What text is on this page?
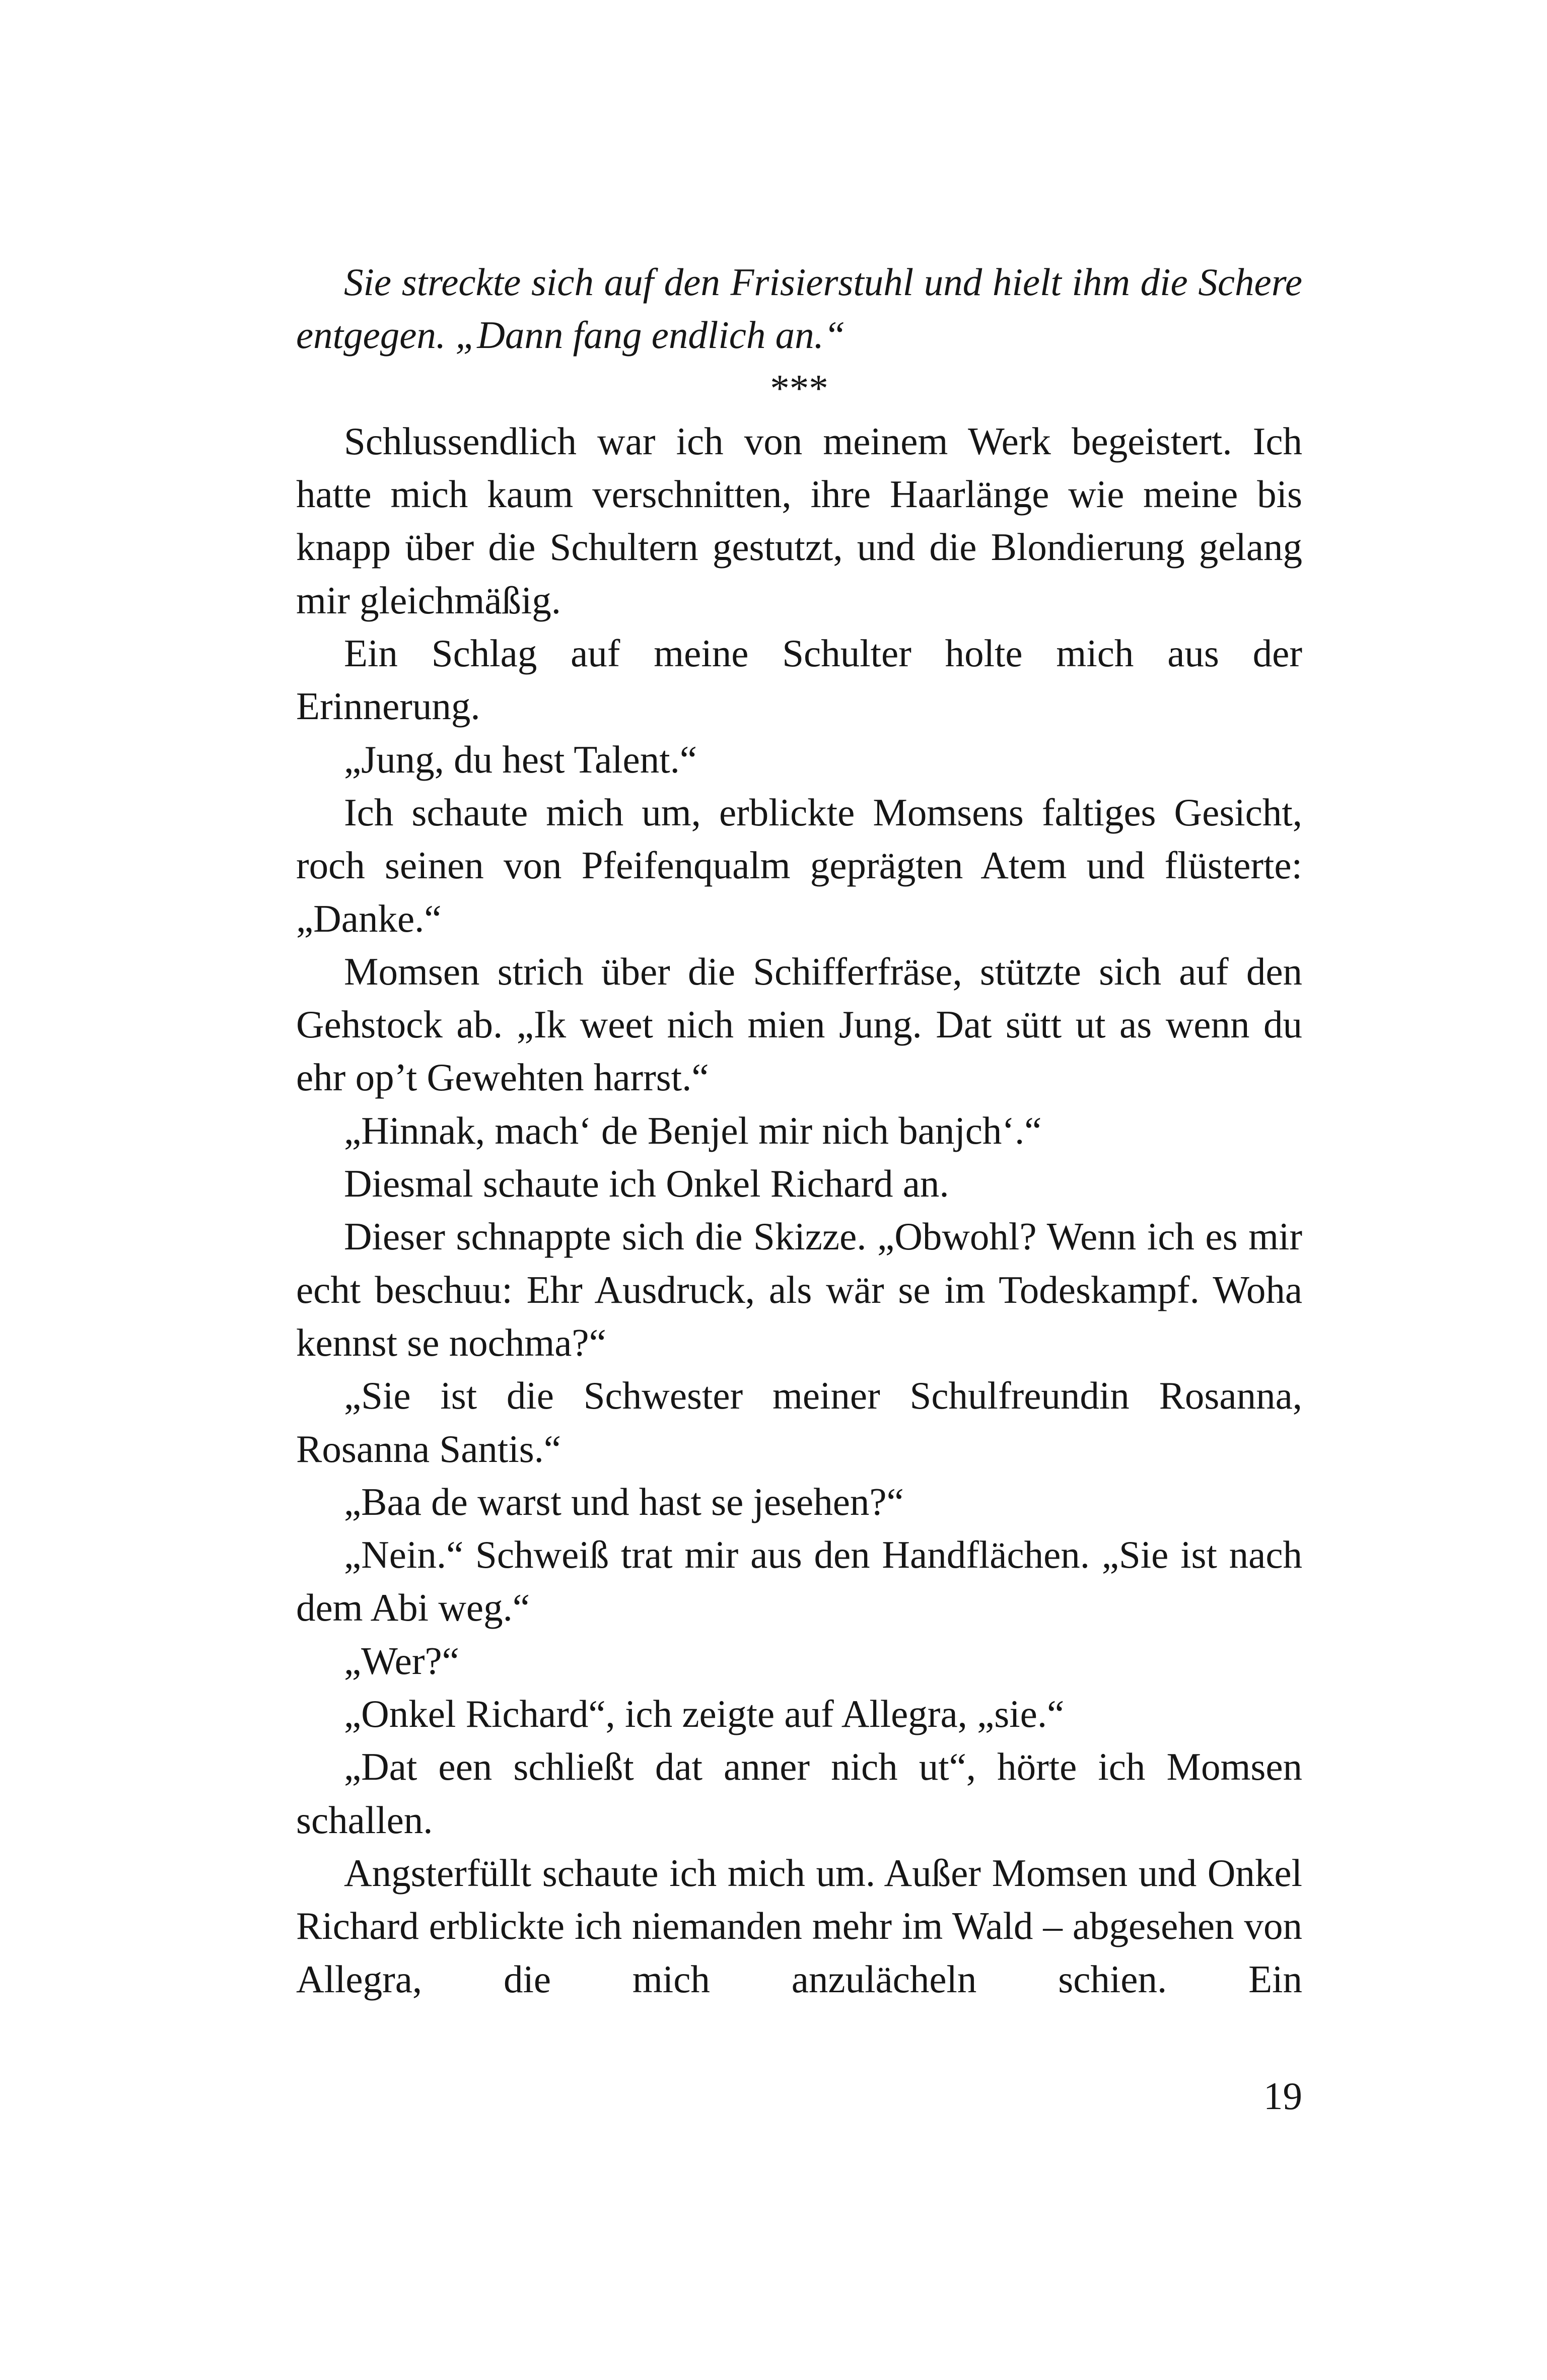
Sie streckte sich auf den Frisierstuhl und hielt ihm die Schere entgegen. „Dann fang endlich an.“

***

Schlussendlich war ich von meinem Werk begeistert. Ich hatte mich kaum verschnitten, ihre Haarlänge wie meine bis knapp über die Schultern gestutzt, und die Blondierung gelang mir gleichmäßig.

Ein Schlag auf meine Schulter holte mich aus der Erinnerung.

„Jung, du hest Talent.“

Ich schaute mich um, erblickte Momsens faltiges Gesicht, roch seinen von Pfeifenqualm geprägten Atem und flüsterte: „Danke.“

Momsen strich über die Schifferfräse, stützte sich auf den Gehstock ab. „Ik weet nich mien Jung. Dat sütt ut as wenn du ehr op’t Gewehten harrst.“

„Hinnak, mach‘ de Benjel mir nich banjch‘.“

Diesmal schaute ich Onkel Richard an.

Dieser schnappte sich die Skizze. „Obwohl? Wenn ich es mir echt beschuu: Ehr Ausdruck, als wär se im Todeskampf. Woha kennst se nochma?“

„Sie ist die Schwester meiner Schulfreundin Rosanna, Rosanna Santis.“

„Baa de warst und hast se jesehen?“

„Nein.“ Schweiß trat mir aus den Handflächen. „Sie ist nach dem Abi weg.“

„Wer?“

„Onkel Richard“, ich zeigte auf Allegra, „sie.“

„Dat een schließt dat anner nich ut“, hörte ich Momsen schallen.

Angsterfüllt schaute ich mich um. Außer Momsen und Onkel Richard erblickte ich niemanden mehr im Wald – abgesehen von Allegra, die mich anzulächeln schien. Ein

19
